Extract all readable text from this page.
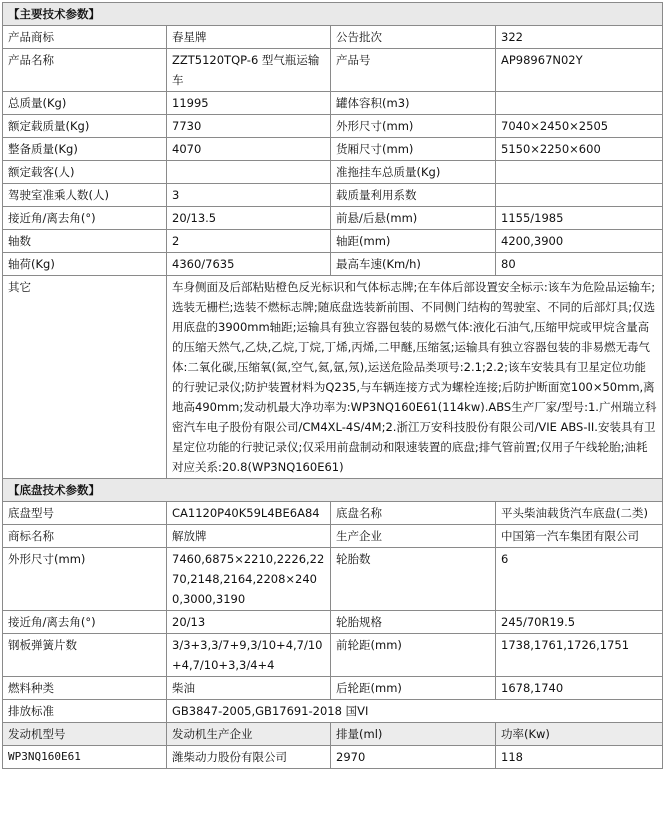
【主要技术参数】			
产品商标	春星牌	公告批次	322
产品名称	ZZT5120TQP-6 型气瓶运输车	产品号	AP98967N02Y
总质量(Kg)	11995	罐体容积(m3)	
额定载质量(Kg)	7730	外形尺寸(mm)	7040×2450×2505
整备质量(Kg)	4070	货厢尺寸(mm)	5150×2250×600
额定载客(人)		准拖挂车总质量(Kg)	
驾驶室准乘人数(人)	3	载质量利用系数	
接近角/离去角(°)	20/13.5	前悬/后悬(mm)	1155/1985
轴数	2	轴距(mm)	4200,3900
轴荷(Kg)	4360/7635	最高车速(Km/h)	80
其它	车身侧面及后部粘贴橙色反光标识和气体标志牌;在车体后部设置安全标示:该车为危险品运输车;选装无栅栏;选装不燃标志牌;随底盘选装新前围、不同侧门结构的驾驶室、不同的后部灯具;仅选用底盘的3900mm轴距;运输具有独立容器包装的易燃气体:液化石油气,压缩甲烷或甲烷含量高的压缩天然气,乙炔,乙烷,丁烷,丁烯,丙烯,二甲醚,压缩氢;运输具有独立容器包装的非易燃无毒气体:二氧化碳,压缩氧(氮,空气,氦,氩,氖),运送危险品类项号:2.1;2.2;该车安装具有卫星定位功能的行驶记录仪;防护装置材料为Q235,与车辆连接方式为螺栓连接;后防护断面宽100×50mm,离地高490mm;发动机最大净功率为:WP3NQ160E61(114kw).ABS生产厂家/型号:1.广州瑞立科密汽车电子股份有限公司/CM4XL-4S/4M;2.浙江万安科技股份有限公司/VIE ABS-II.安装具有卫星定位功能的行驶记录仪;仅采用前盘制动和限速装置的底盘;排气管前置;仅用子午线轮胎;油耗对应关系:20.8(WP3NQ160E61)		
【底盘技术参数】			
底盘型号	CA1120P40K59L4BE6A84	底盘名称	平头柴油载货汽车底盘(二类)
商标名称	解放牌	生产企业	中国第一汽车集团有限公司
外形尺寸(mm)	7460,6875×2210,2226,2270,2148,2164,2208×2400,3000,3190	轮胎数	6
接近角/离去角(°)	20/13	轮胎规格	245/70R19.5
钢板弹簧片数	3/3+3,3/7+9,3/10+4,7/10+4,7/10+3,3/4+4	前轮距(mm)	1738,1761,1726,1751
燃料种类	柴油	后轮距(mm)	1678,1740
排放标准	GB3847-2005,GB17691-2018 国VI		
发动机型号	发动机生产企业	排量(ml)	功率(Kw)
WP3NQ160E61	潍柴动力股份有限公司	2970	118
